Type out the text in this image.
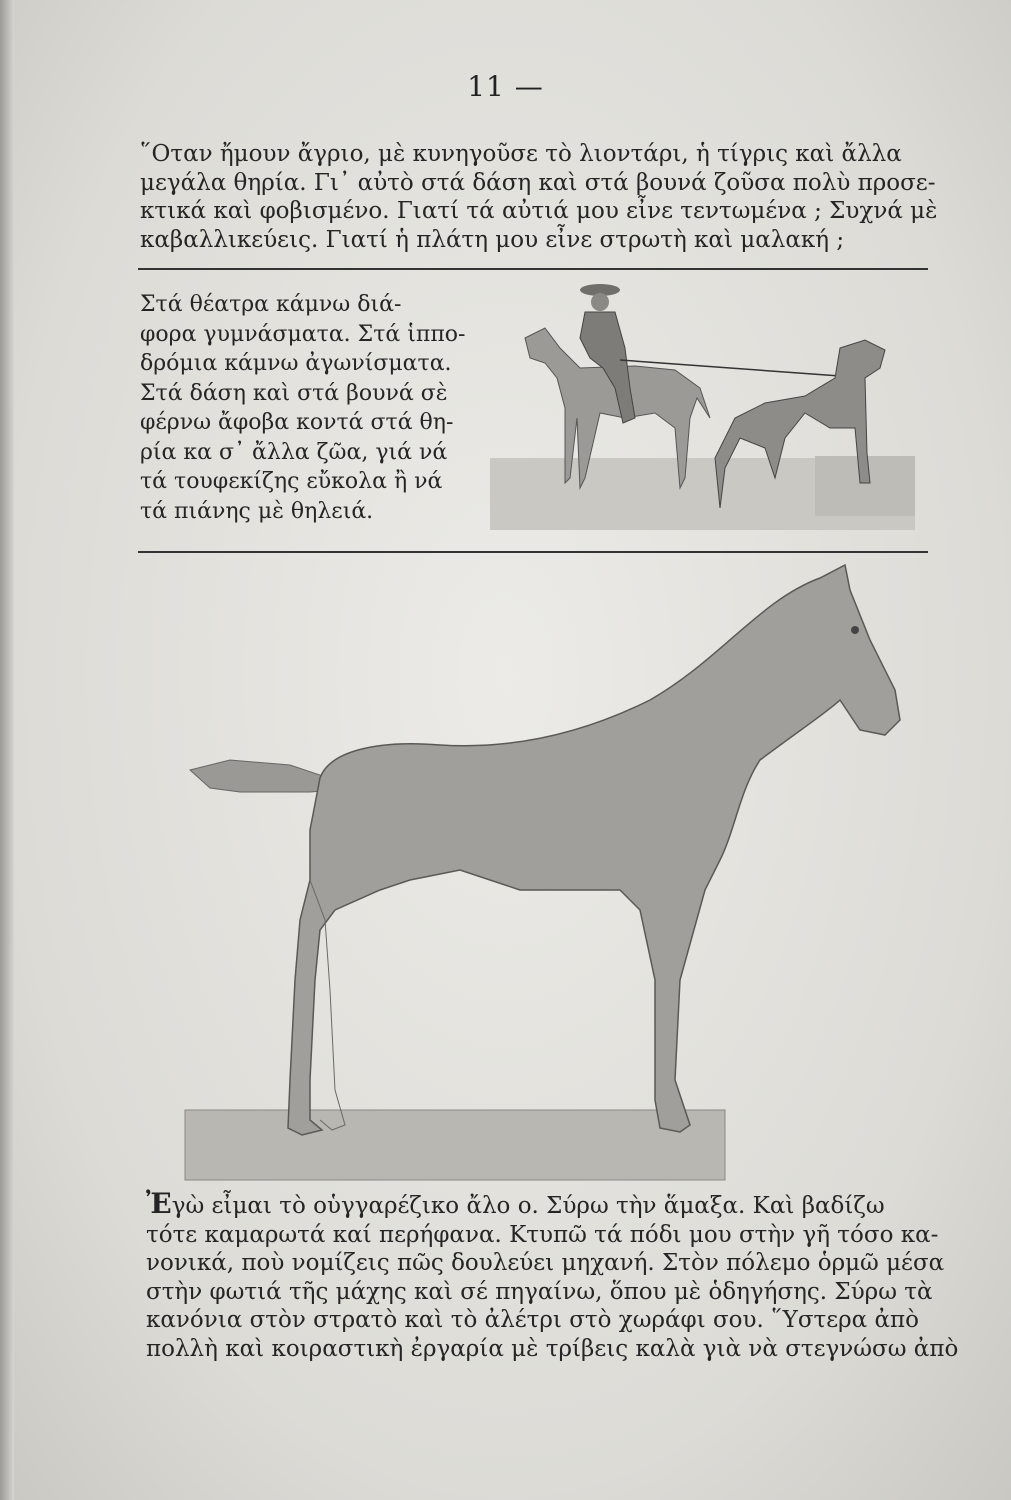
11 —
῞Οταν ἤμουν ἄγριο, μὲ κυνηγοῦσε τὸ λιοντάρι, ἡ τίγρις καὶ ἄλλα
μεγάλα θηρία. Γι᾽ αὐτὸ στά δάση καὶ στά βουνά ζοῦσα πολὺ προσε-
κτικά καὶ φοβισμένο. Γιατί τά αὐτιά μου εἶνε τεντωμένα ; Συχνά μὲ
καβαλλικεύεις. Γιατί ἡ πλάτη μου εἶνε στρωτὴ καὶ μαλακή ;
Στά θέατρα κάμνω διά-
φορα γυμνάσματα. Στά ἱππο-
δρόμια κάμνω ἀγωνίσματα.
Στά δάση καὶ στά βουνά σὲ
φέρνω ἄφοβα κοντά στά θη-
ρία κα σ᾽ ἄλλα ζῶα, γιά νά
τά τουφεκίζης εὔκολα ἢ νά
τά πιάνης μὲ θηλειά.
Ἐγὼ εἶμαι τὸ οὑγγαρέζικο ἄλο ο. Σύρω τὴν ἅμαξα. Καὶ βαδίζω
τότε καμαρωτά καί περήφανα. Κτυπῶ τά πόδι μου στὴν γῆ τόσο κα-
νονικά, ποὺ νομίζεις πῶς δουλεύει μηχανή. Στὸν πόλεμο ὁρμῶ μέσα
στὴν φωτιά τῆς μάχης καὶ σέ πηγαίνω, ὅπου μὲ ὁδηγήσης. Σύρω τὰ
κανόνια στὸν στρατὸ καὶ τὸ ἀλέτρι στὸ χωράφι σου. ῞Υστερα ἀπὸ
πολλὴ καὶ κοιραστικὴ ἐργαρία μὲ τρίβεις καλὰ γιὰ νὰ στεγνώσω ἀπὸ
